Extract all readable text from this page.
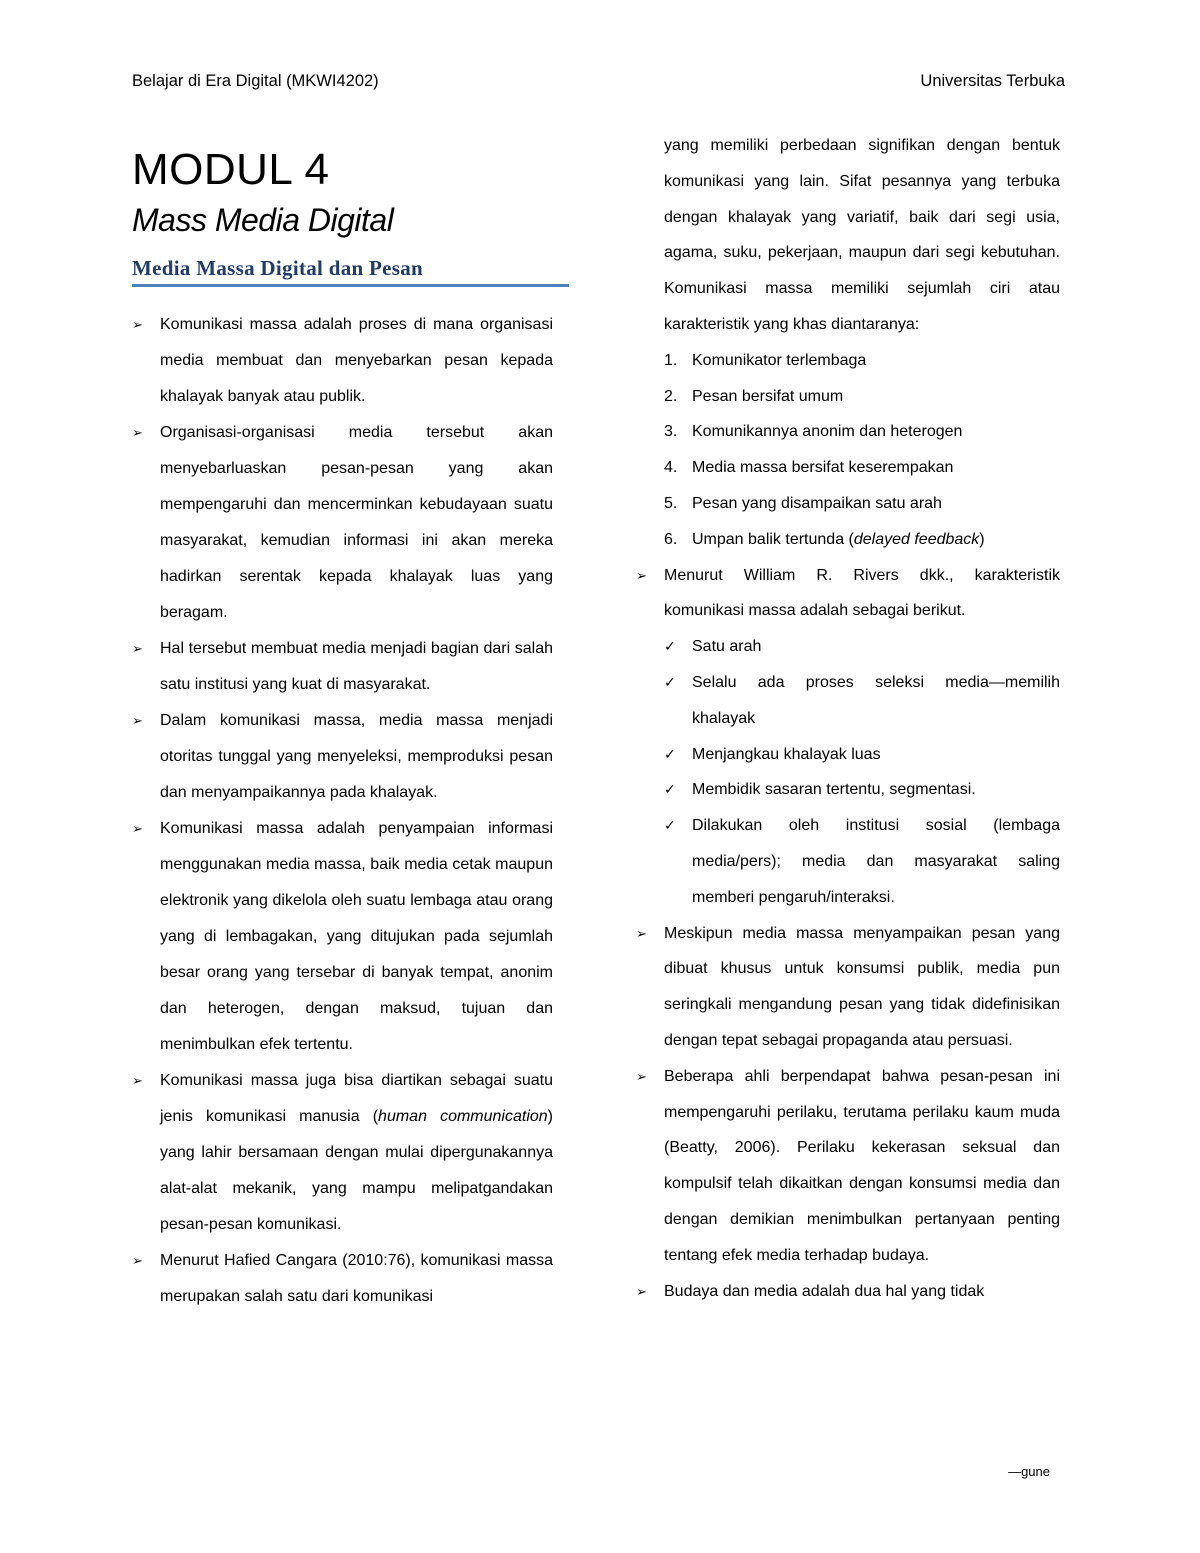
Belajar di Era Digital (MKWI4202)	Universitas Terbuka
MODUL 4
Mass Media Digital
Media Massa Digital dan Pesan
➢ Komunikasi massa adalah proses di mana organisasi media membuat dan menyebarkan pesan kepada khalayak banyak atau publik.
➢ Organisasi-organisasi media tersebut akan menyebarluaskan pesan-pesan yang akan mempengaruhi dan mencerminkan kebudayaan suatu masyarakat, kemudian informasi ini akan mereka hadirkan serentak kepada khalayak luas yang beragam.
➢ Hal tersebut membuat media menjadi bagian dari salah satu institusi yang kuat di masyarakat.
➢ Dalam komunikasi massa, media massa menjadi otoritas tunggal yang menyeleksi, memproduksi pesan dan menyampaikannya pada khalayak.
➢ Komunikasi massa adalah penyampaian informasi menggunakan media massa, baik media cetak maupun elektronik yang dikelola oleh suatu lembaga atau orang yang di lembagakan, yang ditujukan pada sejumlah besar orang yang tersebar di banyak tempat, anonim dan heterogen, dengan maksud, tujuan dan menimbulkan efek tertentu.
➢ Komunikasi massa juga bisa diartikan sebagai suatu jenis komunikasi manusia (human communication) yang lahir bersamaan dengan mulai dipergunakannya alat-alat mekanik, yang mampu melipatgandakan pesan-pesan komunikasi.
➢ Menurut Hafied Cangara (2010:76), komunikasi massa merupakan salah satu dari komunikasi

yang memiliki perbedaan signifikan dengan bentuk komunikasi yang lain. Sifat pesannya yang terbuka dengan khalayak yang variatif, baik dari segi usia, agama, suku, pekerjaan, maupun dari segi kebutuhan. Komunikasi massa memiliki sejumlah ciri atau karakteristik yang khas diantaranya:

1. Komunikator terlembaga
2. Pesan bersifat umum
3. Komunikannya anonim dan heterogen
4. Media massa bersifat keserempakan
5. Pesan yang disampaikan satu arah
6. Umpan balik tertunda (delayed feedback)
➢ Menurut William R. Rivers dkk., karakteristik komunikasi massa adalah sebagai berikut.
✓ Satu arah
✓ Selalu ada proses seleksi media—memilih khalayak
✓ Menjangkau khalayak luas
✓ Membidik sasaran tertentu, segmentasi.
✓ Dilakukan oleh institusi sosial (lembaga media/pers); media dan masyarakat saling memberi pengaruh/interaksi.
➢ Meskipun media massa menyampaikan pesan yang dibuat khusus untuk konsumsi publik, media pun seringkali mengandung pesan yang tidak didefinisikan dengan tepat sebagai propaganda atau persuasi.
➢ Beberapa ahli berpendapat bahwa pesan-pesan ini mempengaruhi perilaku, terutama perilaku kaum muda (Beatty, 2006). Perilaku kekerasan seksual dan kompulsif telah dikaitkan dengan konsumsi media dan dengan demikian menimbulkan pertanyaan penting tentang efek media terhadap budaya.
➢ Budaya dan media adalah dua hal yang tidak
—gune
